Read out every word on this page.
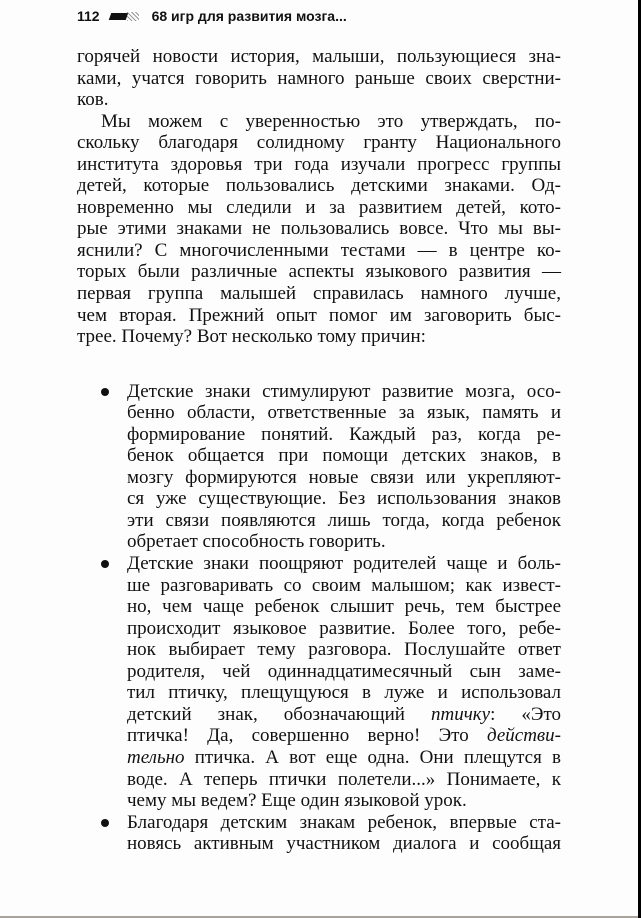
112	68 игр для развития мозга...
горячей новости история, малыши, пользующиеся зна-
ками, учатся говорить намного раньше своих сверстни-
ков.
Мы можем с уверенностью это утверждать, по-
скольку благодаря солидному гранту Национального
института здоровья три года изучали прогресс группы
детей, которые пользовались детскими знаками. Од-
новременно мы следили и за развитием детей, кото-
рые этими знаками не пользовались вовсе. Что мы вы-
яснили? С многочисленными тестами — в центре ко-
торых были различные аспекты языкового развития —
первая группа малышей справилась намного лучше,
чем вторая. Прежний опыт помог им заговорить быс-
трее. Почему? Вот несколько тому причин:
Детские знаки стимулируют развитие мозга, осо-
бенно области, ответственные за язык, память и
формирование понятий. Каждый раз, когда ре-
бенок общается при помощи детских знаков, в
мозгу формируются новые связи или укрепляют-
ся уже существующие. Без использования знаков
эти связи появляются лишь тогда, когда ребенок
обретает способность говорить.
Детские знаки поощряют родителей чаще и боль-
ше разговаривать со своим малышом; как извест-
но, чем чаще ребенок слышит речь, тем быстрее
происходит языковое развитие. Более того, ребе-
нок выбирает тему разговора. Послушайте ответ
родителя, чей одиннадцатимесячный сын заме-
тил птичку, плещущуюся в луже и использовал
детский знак, обозначающий птичку: «Это
птичка! Да, совершенно верно! Это действи-
тельно птичка. А вот еще одна. Они плещутся в
воде. А теперь птички полетели...» Понимаете, к
чему мы ведем? Еще один языковой урок.
Благодаря детским знакам ребенок, впервые ста-
новясь активным участником диалога и сообщая
